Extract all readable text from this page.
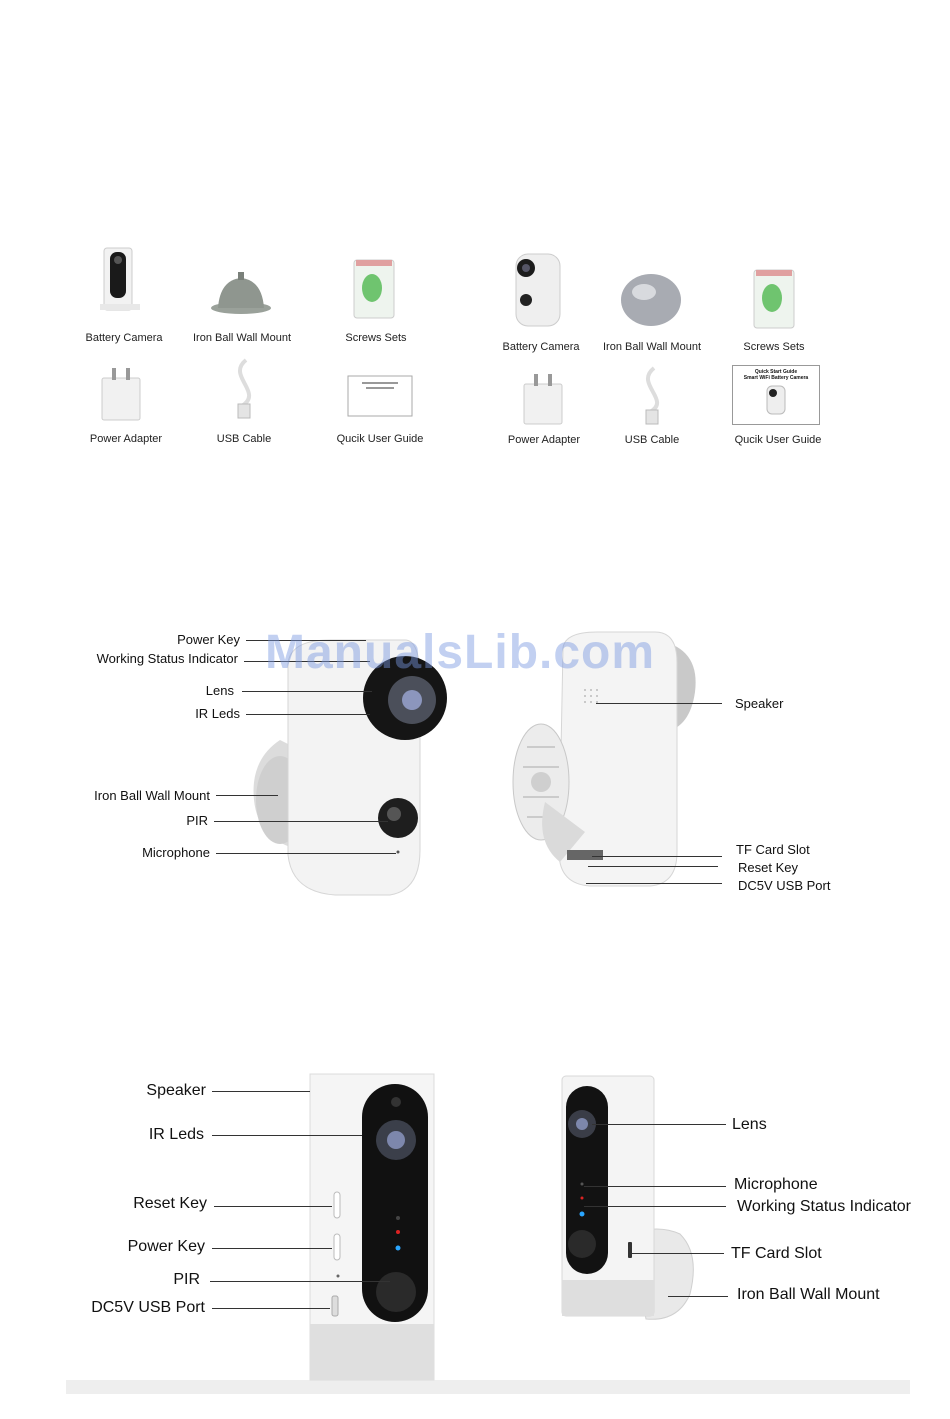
Battery Camera	Iron Ball Wall Mount	Screws Sets
Power Adapter	USB Cable	Qucik User Guide
Battery Camera	Iron Ball Wall Mount	Screws Sets
Quick Start Guide
Smart WiFi Battery Camera
Power Adapter	USB Cable	Qucik User Guide
Power Key
Working Status Indicator
Lens
IR Leds
Iron Ball Wall Mount
PIR
Microphone
Speaker
TF Card Slot
Reset Key
DC5V USB Port
Speaker
IR Leds
Reset Key
Power Key
PIR
DC5V USB Port
Lens
Microphone
Working Status Indicator
TF Card Slot
Iron Ball Wall Mount
ManualsLib.com
